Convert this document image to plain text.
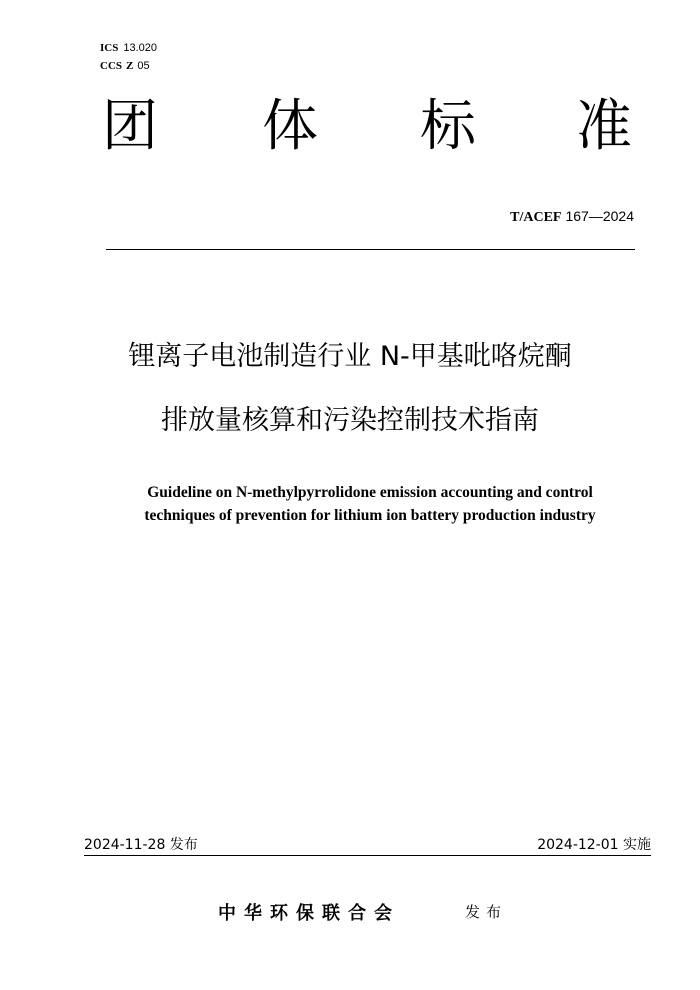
ICS 13.020
CCS Z 05
团 体 标 准
T/ACEF 167—2024
锂离子电池制造行业 N-甲基吡咯烷酮
排放量核算和污染控制技术指南
Guideline on N-methylpyrrolidone emission accounting and control
techniques of prevention for lithium ion battery production industry
2024-11-28 发布	2024-12-01 实施
中华环保联合会	发布
